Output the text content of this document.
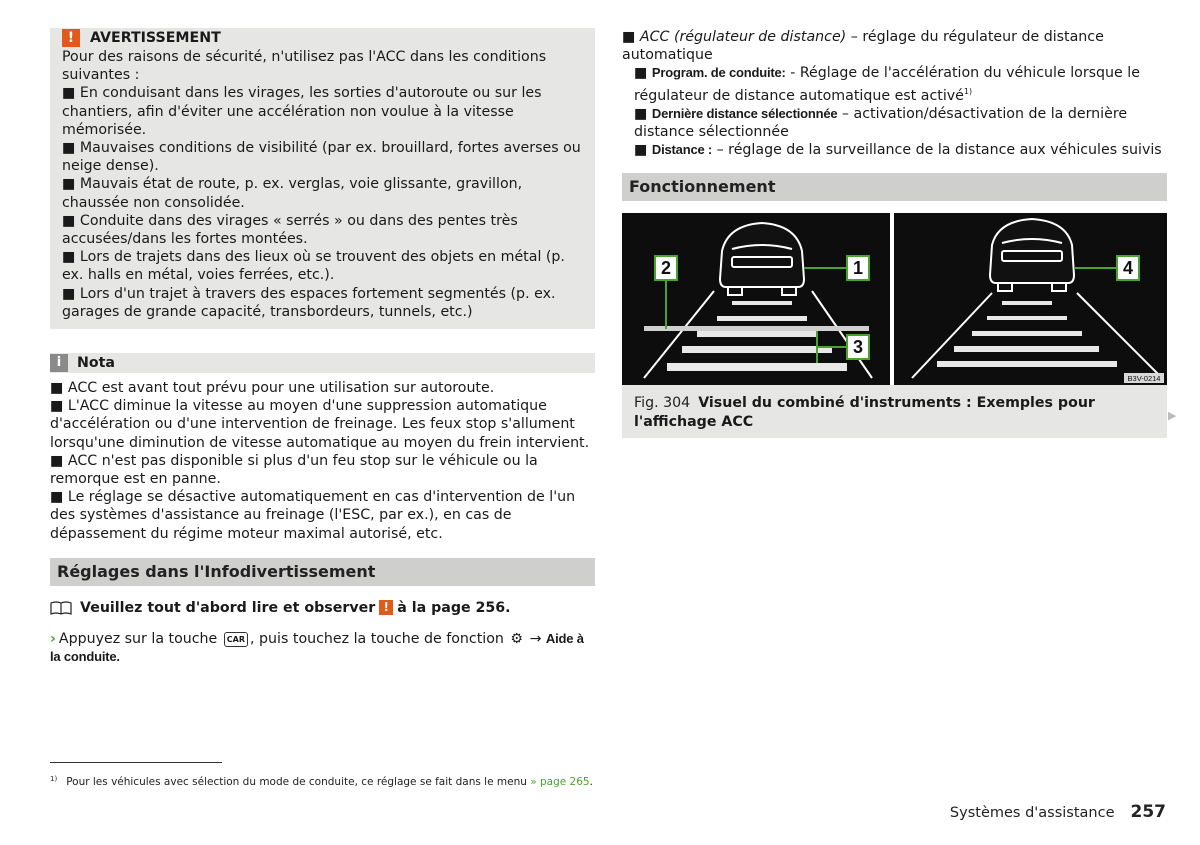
!	AVERTISSEMENT

Pour des raisons de sécurité, n'utilisez pas l'ACC dans les conditions suivantes :

■ En conduisant dans les virages, les sorties d'autoroute ou sur les chantiers, afin d'éviter une accélération non voulue à la vitesse mémorisée.

■ Mauvaises conditions de visibilité (par ex. brouillard, fortes averses ou neige dense).

■ Mauvais état de route, p. ex. verglas, voie glissante, gravillon, chaussée non consolidée.

■ Conduite dans des virages « serrés » ou dans des pentes très accusées/dans les fortes montées.

■ Lors de trajets dans des lieux où se trouvent des objets en métal (p. ex. halls en métal, voies ferrées, etc.).

■ Lors d'un trajet à travers des espaces fortement segmentés (p. ex. garages de grande capacité, transbordeurs, tunnels, etc.)

i	Nota

■ ACC est avant tout prévu pour une utilisation sur autoroute.

■ L'ACC diminue la vitesse au moyen d'une suppression automatique d'accélération ou d'une intervention de freinage. Les feux stop s'allument lorsqu'une diminution de vitesse automatique au moyen du frein intervient.

■ ACC n'est pas disponible si plus d'un feu stop sur le véhicule ou la remorque est en panne.

■ Le réglage se désactive automatiquement en cas d'intervention de l'un des systèmes d'assistance au freinage (l'ESC, par ex.), en cas de dépassement du régime moteur maximal autorisé, etc.

Réglages dans l'Infodivertissement
Veuillez tout d'abord lire et observer ! à la page 256.
› Appuyez sur la touche CAR , puis touchez la touche de fonction ⚙ → Aide à la conduite.

■ ACC (régulateur de distance) – réglage du régulateur de distance automatique

■ Program. de conduite: - Réglage de l'accélération du véhicule lorsque le régulateur de distance automatique est activé$^{1)}$

■ Dernière distance sélectionnée – activation/désactivation de la dernière distance sélectionnée

■ Distance : – réglage de la surveillance de la distance aux véhicules suivis

Fonctionnement
1
2
3
4
B3V-0214
Fig. 304 Visuel du combiné d'instruments : Exemples pour l'affichage ACC	▶
$^{1)}$ Pour les véhicules avec sélection du mode de conduite, ce réglage se fait dans le menu » page 265.
Systèmes d'assistance 257
